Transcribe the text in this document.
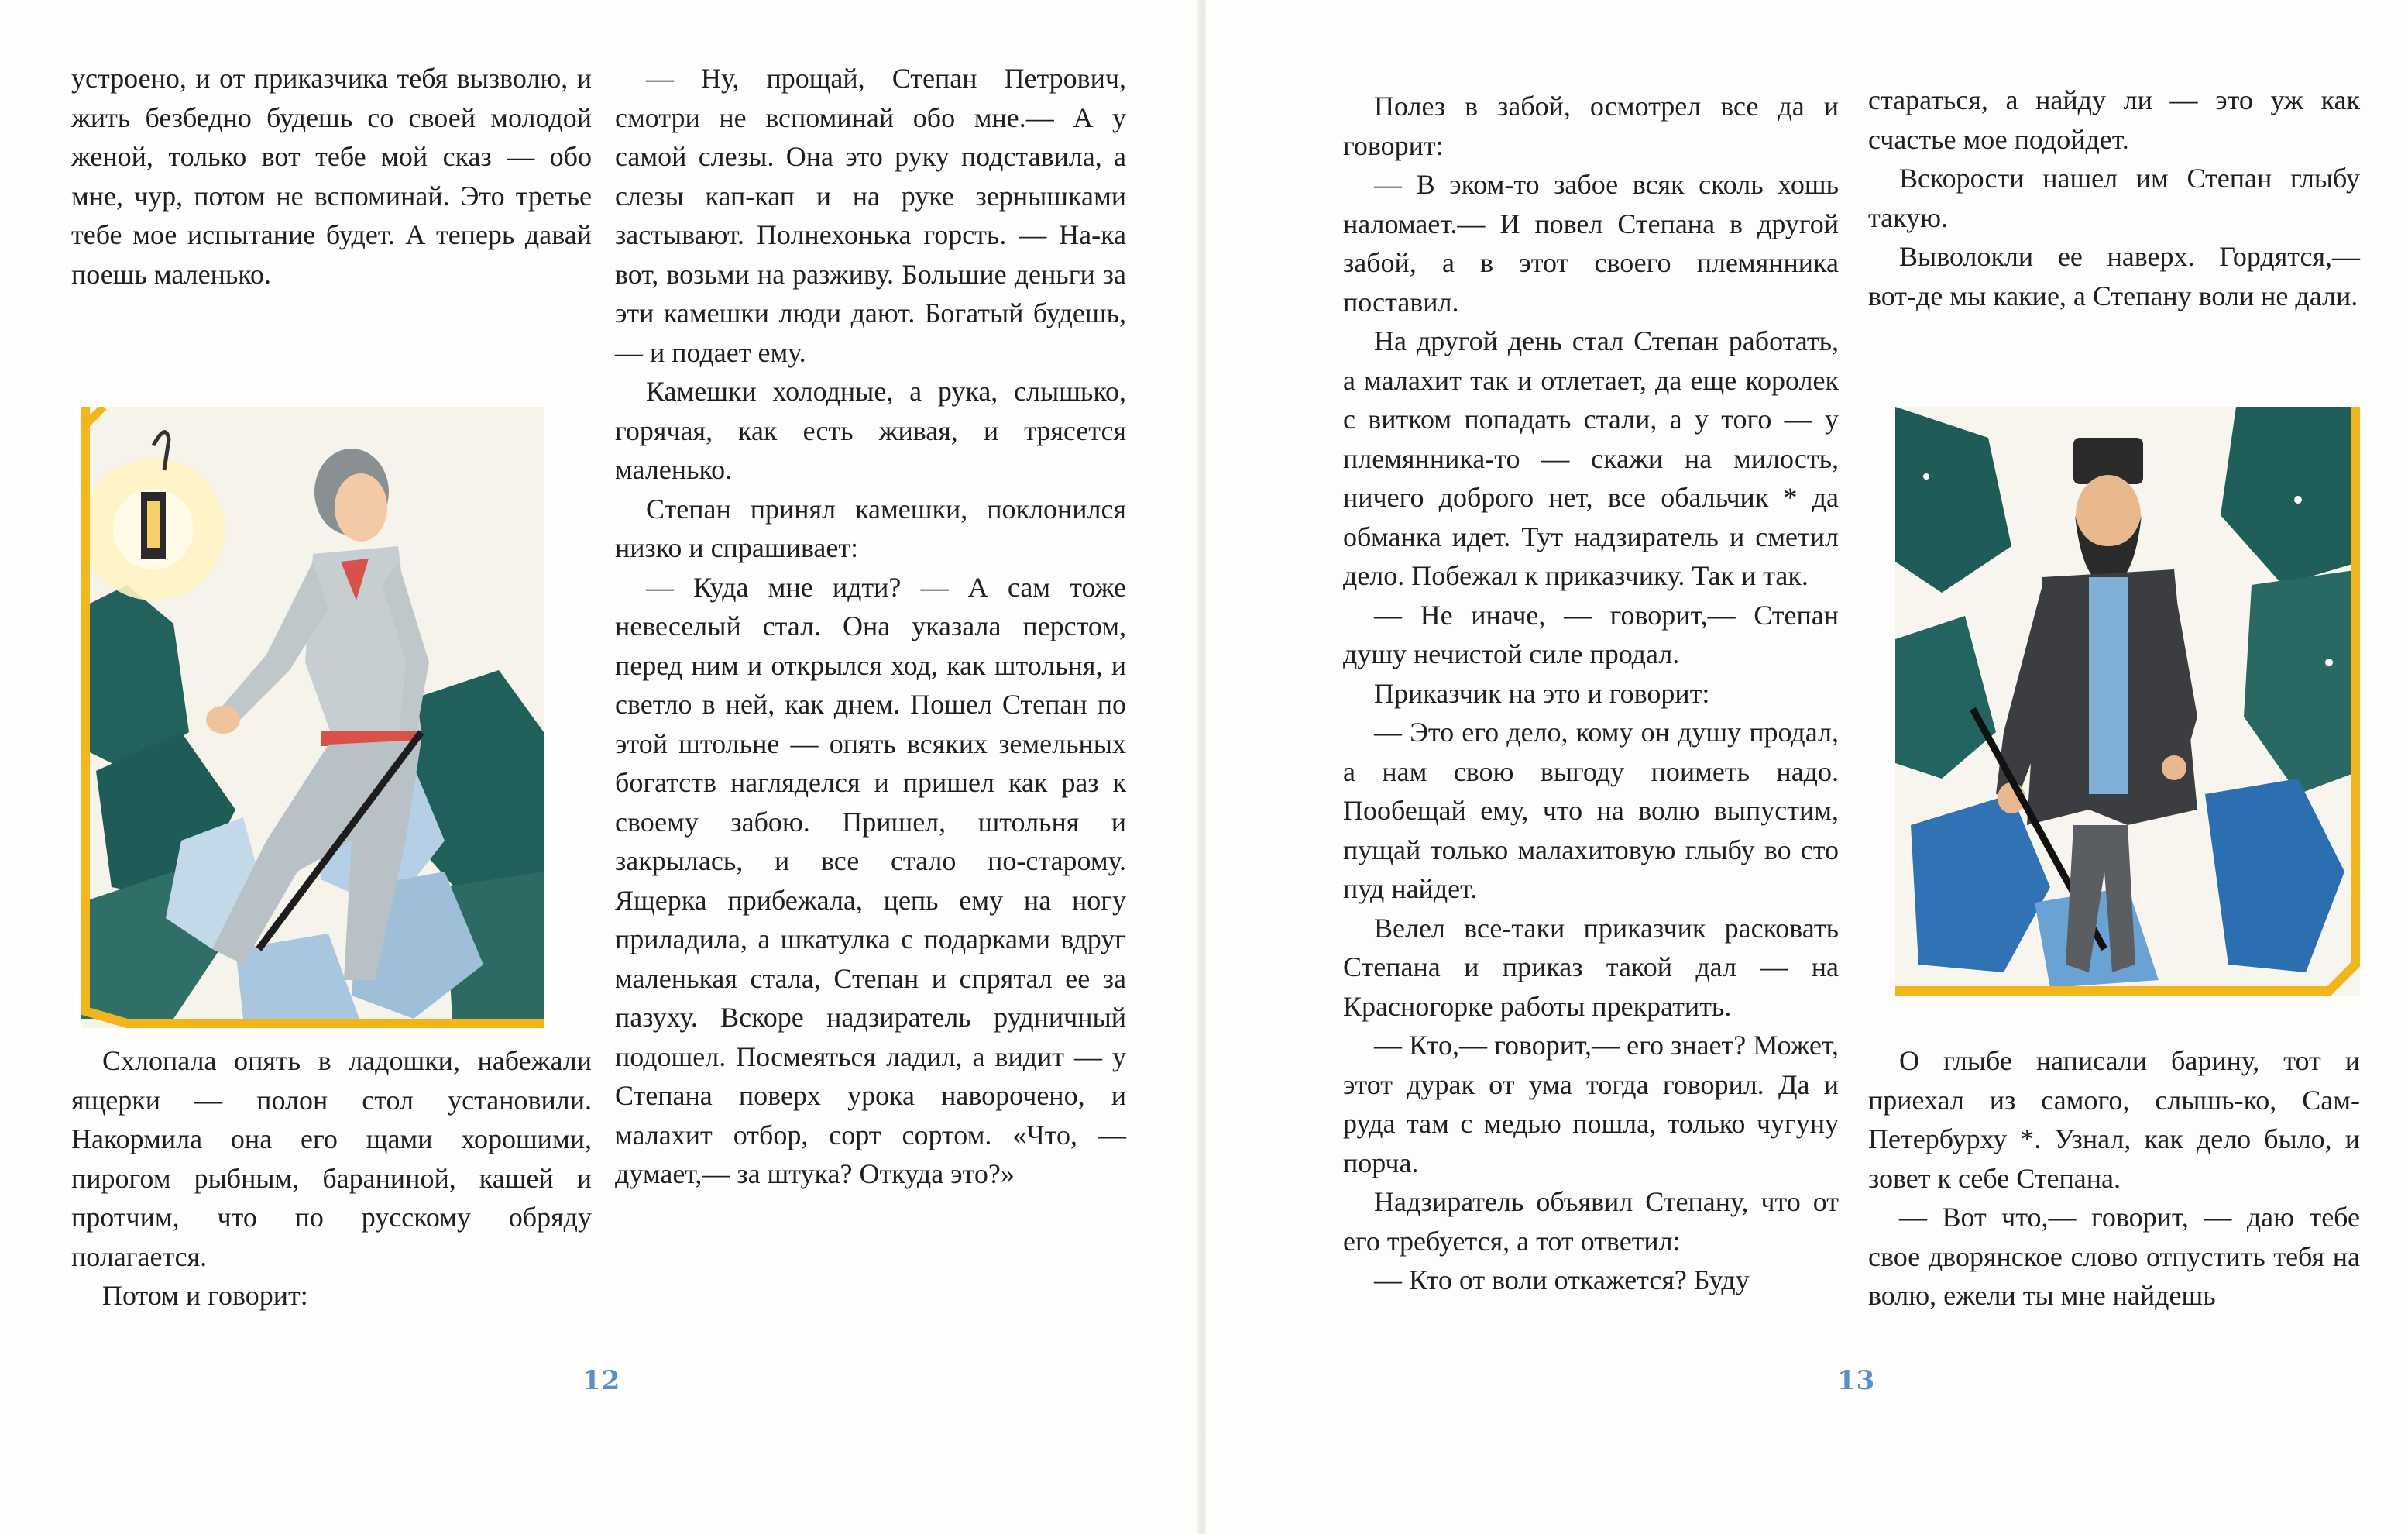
устроено, и от приказчика тебя вызволю, и жить безбедно будешь со своей молодой женой, только вот тебе мой сказ — обо мне, чур, потом не вспоминай. Это третье тебе мое испытание будет. А теперь давай поешь маленько.

Схлопала опять в ладошки, набежали ящерки — полон стол установили. Накормила она его щами хорошими, пирогом рыбным, бараниной, кашей и протчим, что по русскому обряду полагается.

Потом и говорит:

— Ну, прощай, Степан Петрович, смотри не вспоминай обо мне.— А у самой слезы. Она это руку подставила, а слезы кап-кап и на руке зернышками застывают. Полнехонька горсть. — На-ка вот, возьми на разживу. Большие деньги за эти камешки люди дают. Богатый будешь,— и подает ему.

Камешки холодные, а рука, слышько, горячая, как есть живая, и трясется маленько.

Степан принял камешки, поклонился низко и спрашивает:

— Куда мне идти? — А сам тоже невеселый стал. Она указала перстом, перед ним и открылся ход, как штольня, и светло в ней, как днем. Пошел Степан по этой штольне — опять всяких земельных богатств нагляделся и пришел как раз к своему забою. Пришел, штольня и закрылась, и все стало по-старому. Ящерка прибежала, цепь ему на ногу приладила, а шкатулка с подарками вдруг маленькая стала, Степан и спрятал ее за пазуху. Вскоре надзиратель рудничный подошел. Посмеяться ладил, а видит — у Степана поверх урока наворочено, и малахит отбор, сорт сортом. «Что, — думает,— за штука? Откуда это?»

12

Полез в забой, осмотрел все да и говорит:

— В эком-то забое всяк сколь хошь наломает.— И повел Степана в другой забой, а в этот своего племянника поставил.

На другой день стал Степан работать, а малахит так и отлетает, да еще королек с витком попадать стали, а у того — у племянника-то — скажи на милость, ничего доброго нет, все обальчик * да обманка идет. Тут надзиратель и сметил дело. Побежал к приказчику. Так и так.

— Не иначе, — говорит,— Степан душу нечистой силе продал.

Приказчик на это и говорит:

— Это его дело, кому он душу продал, а нам свою выгоду поиметь надо. Пообещай ему, что на волю выпустим, пущай только малахитовую глыбу во сто пуд найдет.

Велел все-таки приказчик расковать Степана и приказ такой дал — на Красногорке работы прекратить.

— Кто,— говорит,— его знает? Может, этот дурак от ума тогда говорил. Да и руда там с медью пошла, только чугуну порча.

Надзиратель объявил Степану, что от его требуется, а тот ответил:

— Кто от воли откажется? Буду

стараться, а найду ли — это уж как счастье мое подойдет.

Вскорости нашел им Степан глыбу такую.

Выволокли ее наверх. Гордятся,— вот-де мы какие, а Степану воли не дали.

О глыбе написали барину, тот и приехал из самого, слышь-ко, Сам-Петербурху *. Узнал, как дело было, и зовет к себе Степана.

— Вот что,— говорит, — даю тебе свое дворянское слово отпустить тебя на волю, ежели ты мне найдешь

13
